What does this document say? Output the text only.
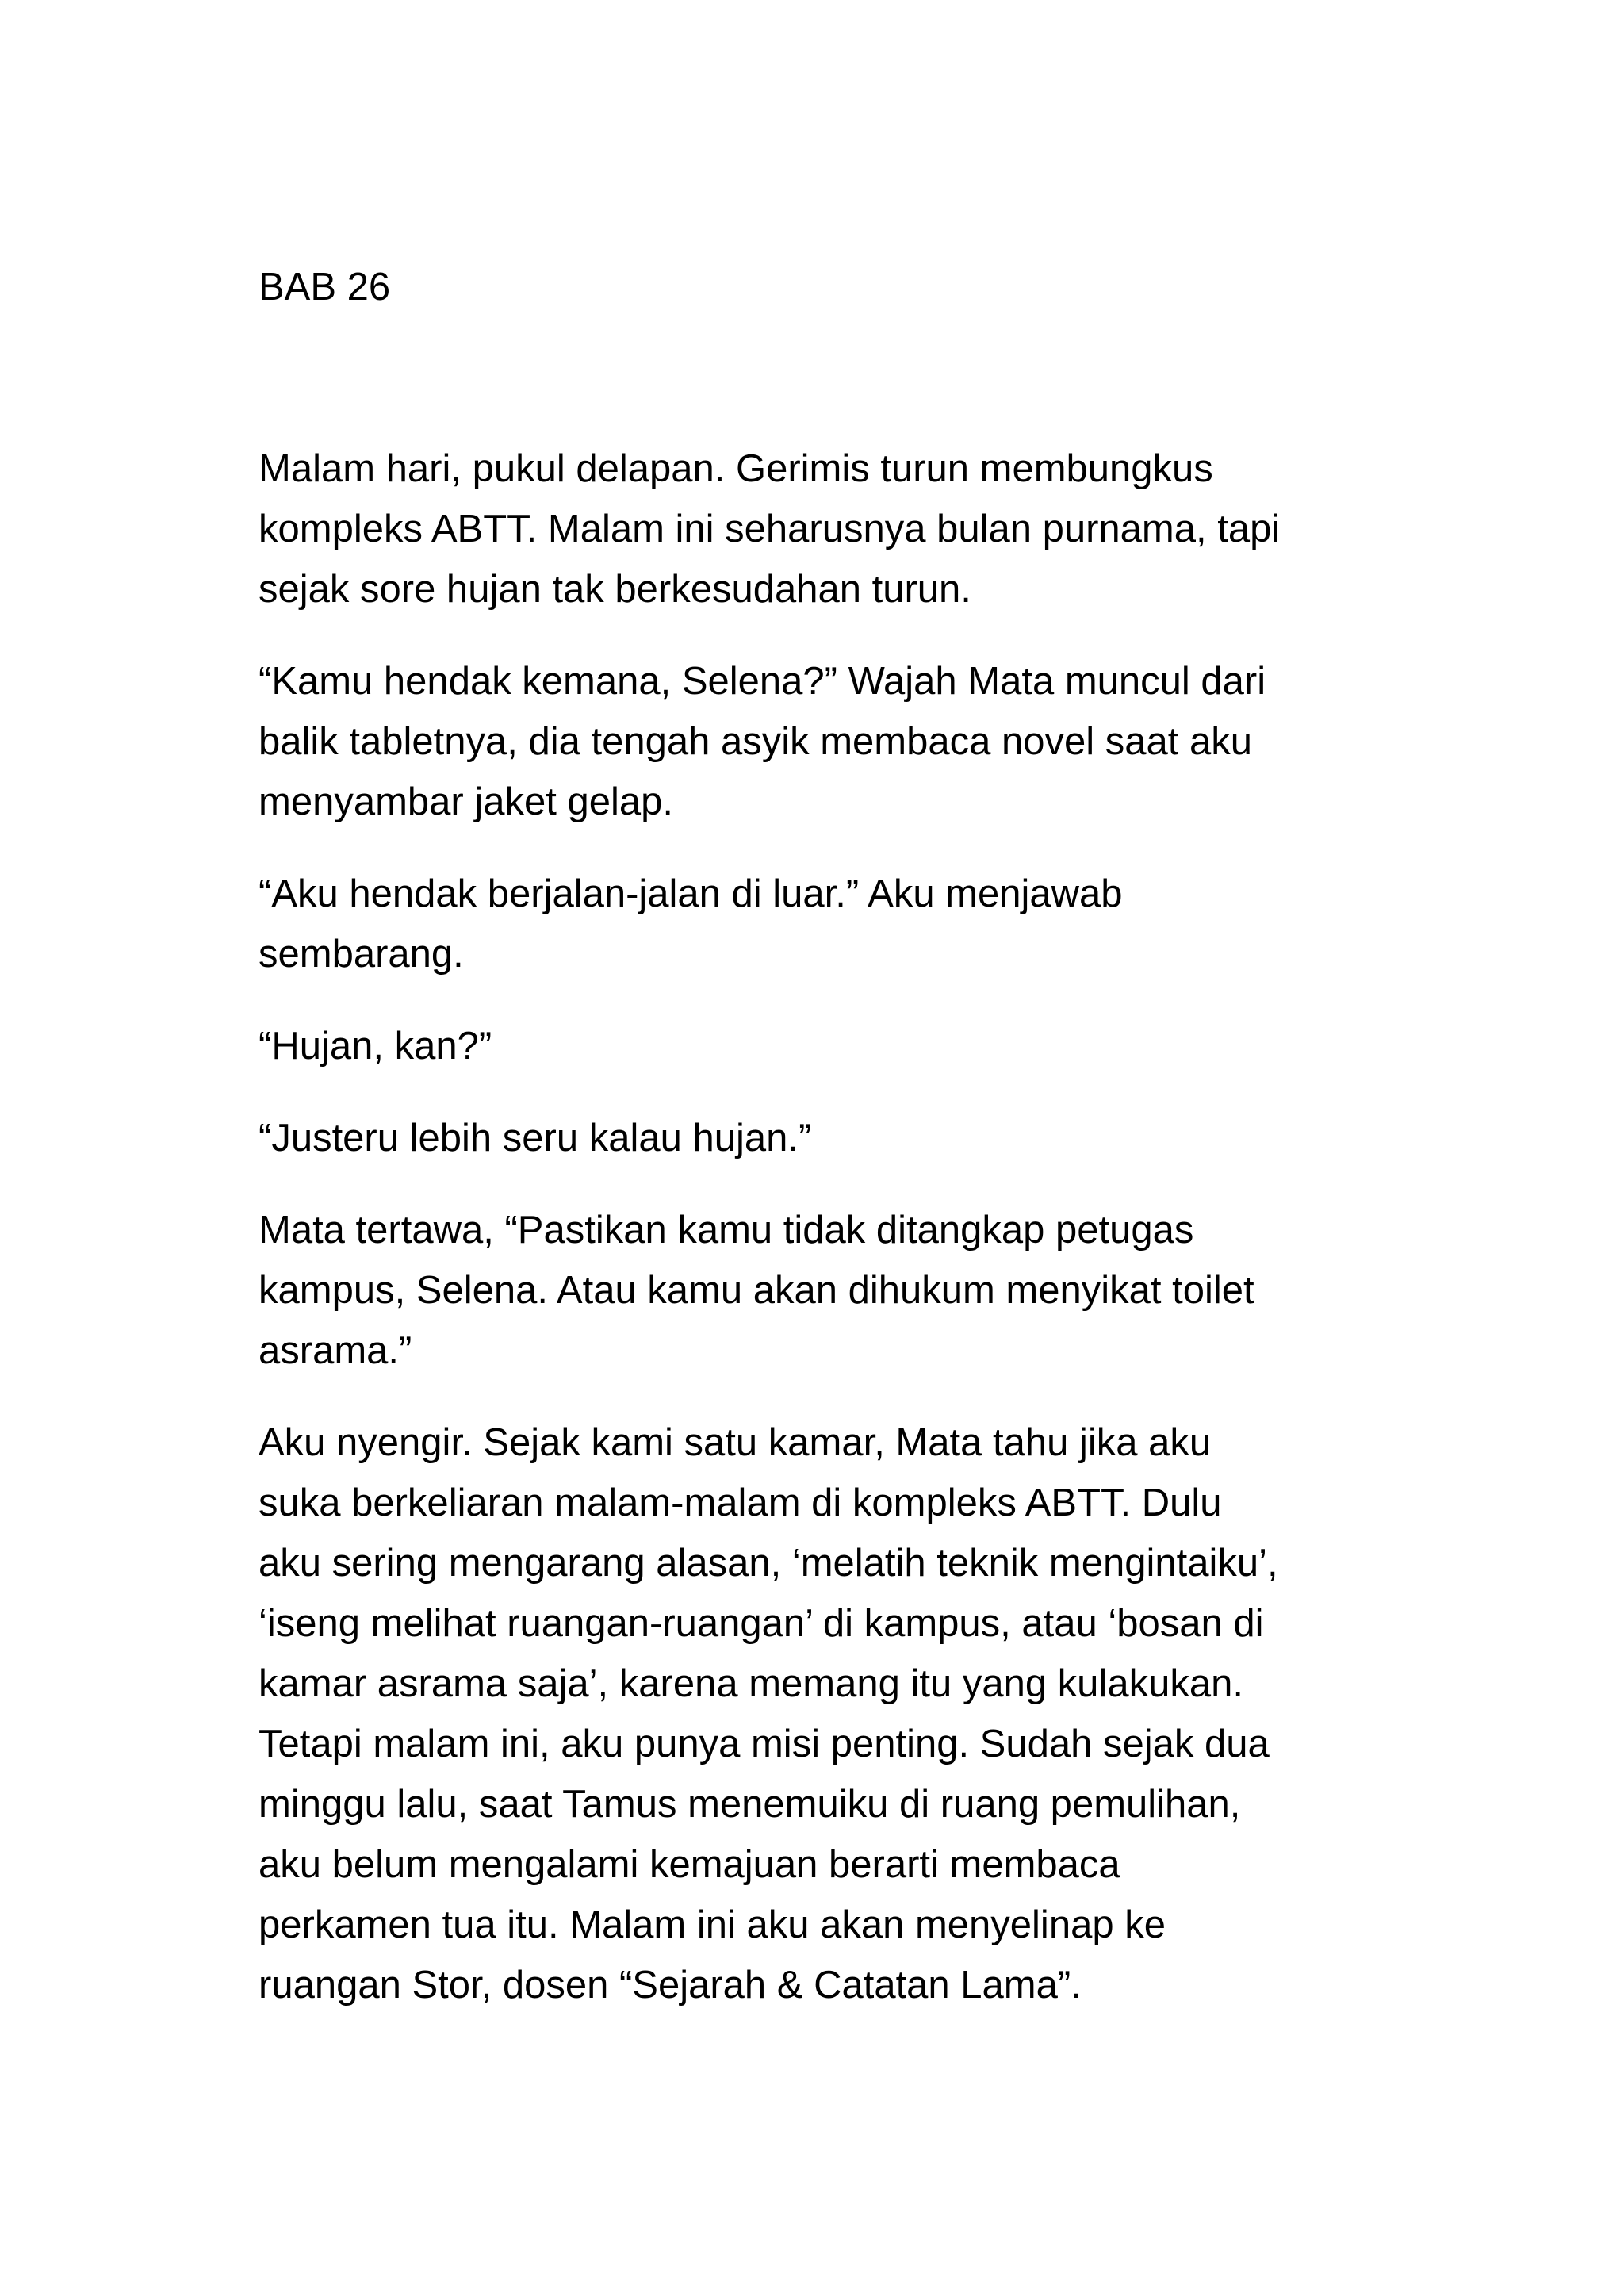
BAB 26

Malam hari, pukul delapan. Gerimis turun membungkus
kompleks ABTT. Malam ini seharusnya bulan purnama, tapi
sejak sore hujan tak berkesudahan turun.

“Kamu hendak kemana, Selena?” Wajah Mata muncul dari
balik tabletnya, dia tengah asyik membaca novel saat aku
menyambar jaket gelap.

“Aku hendak berjalan-jalan di luar.” Aku menjawab
sembarang.

“Hujan, kan?”

“Justeru lebih seru kalau hujan.”

Mata tertawa, “Pastikan kamu tidak ditangkap petugas
kampus, Selena. Atau kamu akan dihukum menyikat toilet
asrama.”

Aku nyengir. Sejak kami satu kamar, Mata tahu jika aku
suka berkeliaran malam-malam di kompleks ABTT. Dulu
aku sering mengarang alasan, ‘melatih teknik mengintaiku’,
‘iseng melihat ruangan-ruangan’ di kampus, atau ‘bosan di
kamar asrama saja’, karena memang itu yang kulakukan.
Tetapi malam ini, aku punya misi penting. Sudah sejak dua
minggu lalu, saat Tamus menemuiku di ruang pemulihan,
aku belum mengalami kemajuan berarti membaca
perkamen tua itu. Malam ini aku akan menyelinap ke
ruangan Stor, dosen “Sejarah & Catatan Lama”.
